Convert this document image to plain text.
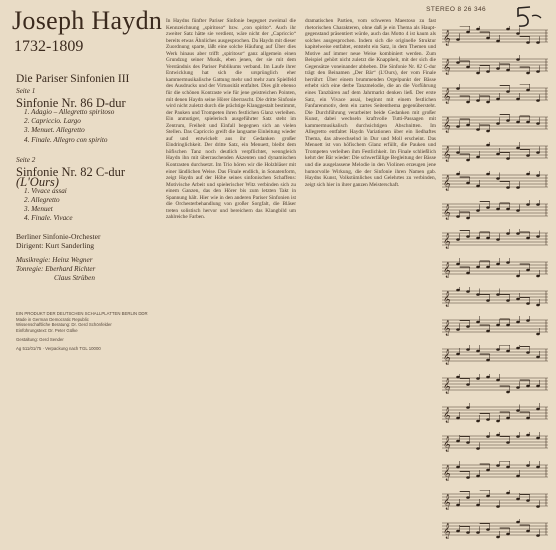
Joseph Haydn
1732-1809
STEREO 8 26 346
Die Pariser Sinfonien III
Seite 1
Sinfonie Nr. 86 D-dur
1. Adagio – Allegretto spiritoso
2. Capriccio. Largo
3. Menuet. Allegretto
4. Finale. Allegro con spirito
Seite 2
Sinfonie Nr. 82 C-dur
(L'Ours)
1. Vivace assai
2. Allegretto
3. Menuet
4. Finale. Vivace
Berliner Sinfonie-Orchester
Dirigent: Kurt Sanderling
Musikregie: Heinz Wegner
Tonregie: Eberhard Richter
Claus Strüben
EIN PRODUKT DER DEUTSCHEN SCHALLPLATTEN BERLIN DDR
Made in German Democratic Republic
Wissenschaftliche Beratung: Dr. Gerd Schönfelder
Einführungstext: Dr. Peter Gülke
Gestaltung: Gerd Sender
Ag 511/01/75 · Verpackung nach TGL 10000

In Haydns fünfter Pariser Sinfonie begegnet zweimal die Kennzeichnung „spiritoso“ bzw. „con spirito“. Auch ihr zweiter Satz hätte sie verdient, wäre nicht der „Capriccio“ bereits etwas Ähnliches ausgesprochen. Da Haydn mit dieser Zuordnung sparte, läßt eine solche Häufung auf Über dies Werk hinaus aber trifft „spiritoso“ ganz allgemein einen Grundzug seiner Musik, eben jenen, der sie mit dem Verständnis des Pariser Publikums verband. Im Laufe ihrer Entwicklung hat sich die ursprünglich eher kammermusikalische Gattung mehr und mehr zum Spielfeld des Ausdrucks und der Virtuosität entfaltet. Dies gilt ebenso für die schönen Kontraste wie für jene geistreichen Pointen, mit denen Haydn seine Hörer überrascht. Die dritte Sinfonie wird nicht zuletzt durch die prächtige Klanggestalt bestimmt, der Pauken und Trompeten ihren festlichen Glanz verleihen. Ein anmutiger, spielerisch ausgeführter Satz steht im Zentrum, Freiheit und Einfall begegnen sich an vielen Stellen. Das Capriccio greift die langsame Einleitung wieder auf und entwickelt aus ihr Gedanken großer Eindringlichkeit. Der dritte Satz, ein Menuett, bleibt dem höfischen Tanz noch deutlich verpflichtet, wenngleich Haydn ihn mit überraschenden Akzenten und dynamischen Kontrasten durchsetzt. Im Trio hören wir die Holzbläser mit einer ländlichen Weise. Das Finale endlich, in Sonatenform, zeigt Haydn auf der Höhe seines sinfonischen Schaffens: Motivische Arbeit und spielerischer Witz verbinden sich zu einem Ganzen, das den Hörer bis zum letzten Takt in Spannung hält. Hier wie in den anderen Pariser Sinfonien ist die Orchesterbehandlung von großer Sorgfalt, die Bläser treten solistisch hervor und bereichern das Klangbild um zahlreiche Farben.

dramatischen Partien, vom schweren Maestoso zu fast rhetorischen Charakteren, ohne daß je ein Thema als Hauptgegenstand präsentiert würde, auch das Motto 4 ist kaum als solches ausgesprochen. Indem sich die originelle Struktur kapitelweise entfaltet, entsteht ein Satz, in dem Themen und Motive auf immer neue Weise kombiniert werden. Zum Beispiel gehört nicht zuletzt die Knappheit, mit der sich die Gegensätze voneinander abheben. Die Sinfonie Nr. 82 C-dur trägt den Beinamen „Der Bär“ (L'Ours), der vom Finale herrührt: Über einem brummenden Orgelpunkt der Bässe erhebt sich eine derbe Tanzmelodie, die an die Vorführung eines Tanzbären auf dem Jahrmarkt denken ließ. Der erste Satz, ein Vivace assai, beginnt mit einem festlichen Fanfarenmotiv, dem ein zartes Seitenthema gegenübersteht. Die Durchführung verarbeitet beide Gedanken mit großer Kunst, dabei wechseln kraftvolle Tutti-Passagen mit kammermusikalisch durchsichtigen Abschnitten. Im Allegretto entfaltet Haydn Variationen über ein liedhaftes Thema, das abwechselnd in Dur und Moll erscheint. Das Menuett ist von höfischem Glanz erfüllt, die Pauken und Trompeten verleihen ihm Festlichkeit. Im Finale schließlich kehrt der Bär wieder: Die schwerfällige Begleitung der Bässe und die ausgelassene Melodie in den Violinen erzeugen jene humorvolle Wirkung, die der Sinfonie ihren Namen gab. Haydns Kunst, Volkstümliches und Gelehrtes zu verbinden, zeigt sich hier in ihrer ganzen Meisterschaft.

𝄞
𝄞
𝄞
𝄞
𝄞
𝄞
𝄞
𝄞
𝄞
𝄞
𝄞
𝄞
𝄞
𝄞
𝄞
𝄞
𝄞
𝄞
